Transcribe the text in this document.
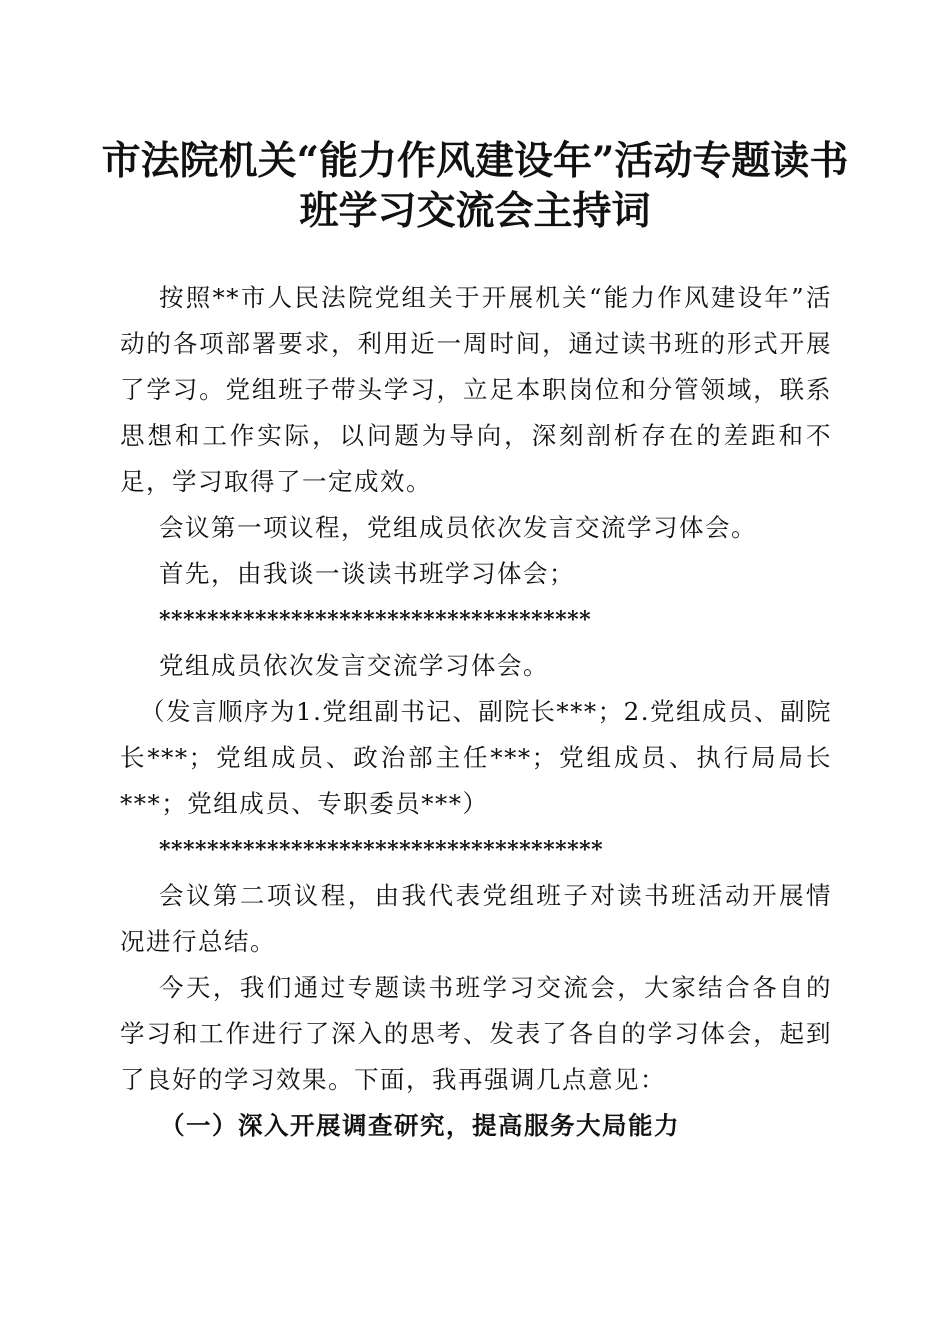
市法院机关“能力作风建设年”活动专题读书
班学习交流会主持词

按照**市人民法院党组关于开展机关“能力作风建设年”活动的各项部署要求，利用近一周时间，通过读书班的形式开展了学习。党组班子带头学习，立足本职岗位和分管领域，联系思想和工作实际，以问题为导向，深刻剖析存在的差距和不足，学习取得了一定成效。

会议第一项议程，党组成员依次发言交流学习体会。

首先，由我谈一谈读书班学习体会；

************************************

党组成员依次发言交流学习体会。

（发言顺序为1.党组副书记、副院长***；2.党组成员、副院长***；党组成员、政治部主任***；党组成员、执行局局长***；党组成员、专职委员***）

*************************************

会议第二项议程，由我代表党组班子对读书班活动开展情况进行总结。

今天，我们通过专题读书班学习交流会，大家结合各自的学习和工作进行了深入的思考、发表了各自的学习体会，起到了良好的学习效果。下面，我再强调几点意见：

（一）深入开展调查研究，提高服务大局能力
